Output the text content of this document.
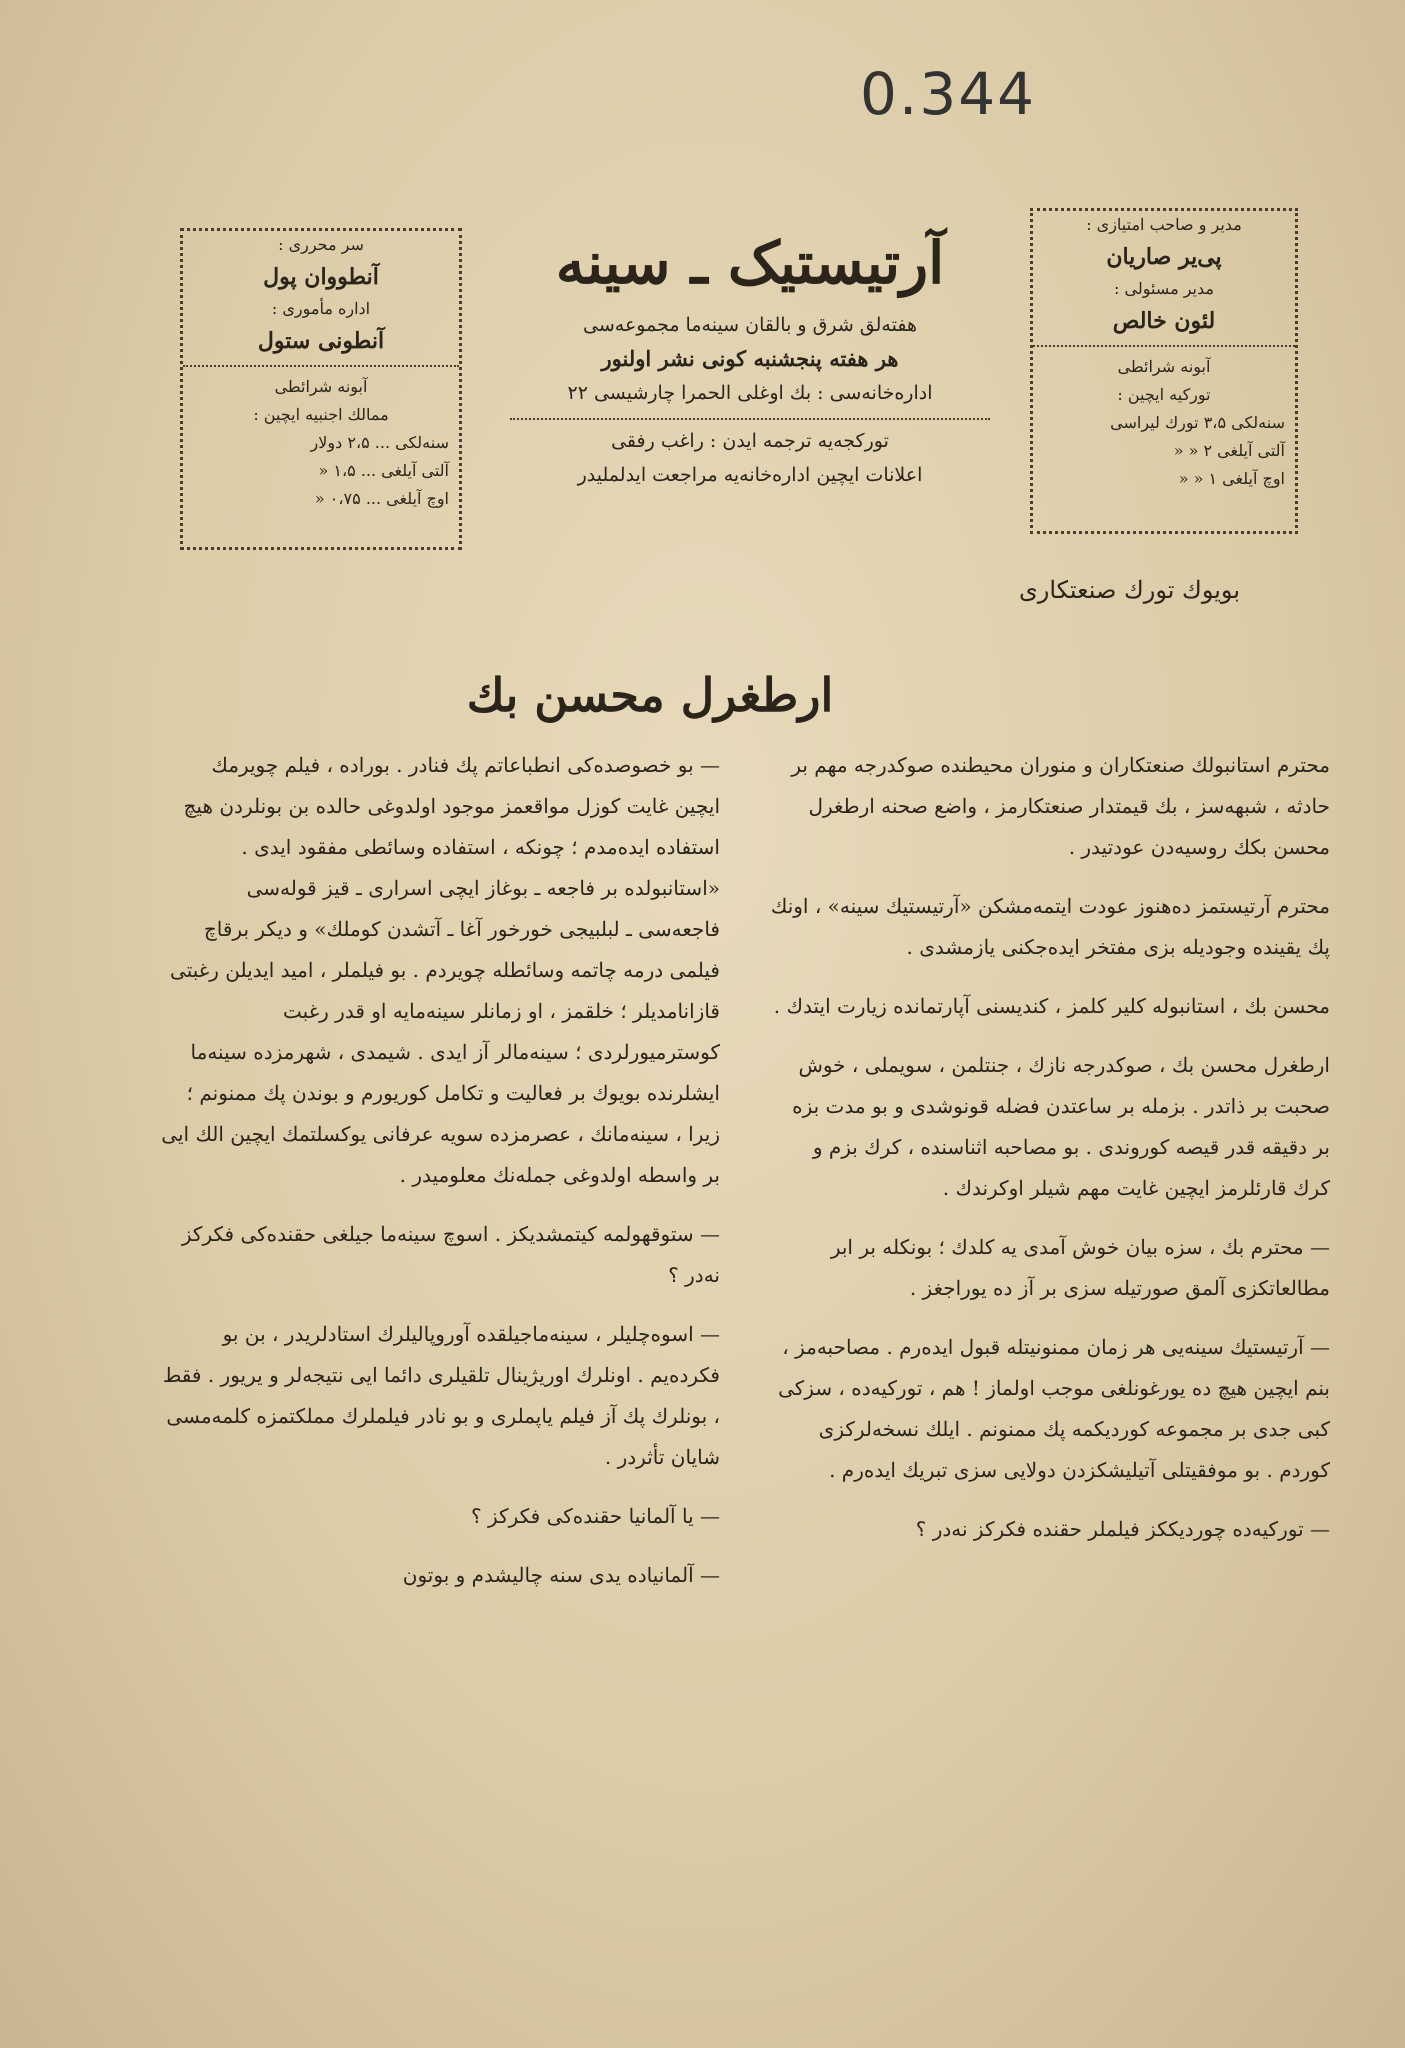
0.344
سر محرری :
آنطووان پول
اداره مأموری :
آنطونی ستول
آبونه شرائطی
ممالك اجنبیه ایچین :
سنه‌لکی ... ۲،۵ دولار
آلتی آیلغی ... ۱،۵ «
اوچ آیلغی ... ۰،۷۵ «
آرتیستیک ـ سینه
هفته‌لق شرق و بالقان سینه‌ما مجموعه‌سی
هر هفته پنجشنبه کونی نشر اولنور
اداره‌خانه‌سی : بك اوغلی الحمرا چارشیسی ۲۲
تورکجه‌یه ترجمه ایدن : راغب رفقی
اعلانات ایچین اداره‌خانه‌یه مراجعت ایدلملیدر
مدیر و صاحب امتیازی :
پی‌یر صاریان
مدیر مسئولی :
لئون خالص
آبونه شرائطی
تورکیه ایچین :
سنه‌لکی ۳،۵ تورك لیراسی
آلتی آیلغی ۲ « «
اوچ آیلغی ۱ « «
بویوك تورك صنعتكاری
ارطغرل محسن بك

محترم استانبولك صنعتكاران و منوران محیطنده صوكدرجه مهم بر حادثه ، شبهه‌سز ، بك قیمتدار صنعتكارمز ، واضع صحنه ارطغرل محسن بكك روسیه‌دن عودتیدر .

محترم آرتیستمز ده‌هنوز عودت ایتمه‌مشكن «آرتیستیك سینه» ، اونك پك یقینده وجودیله بزی مفتخر ایده‌جكنی یازمشدی .

محسن بك ، استانبوله كلیر كلمز ، كندیسنی آپارتمانده زیارت ایتدك .

ارطغرل محسن بك ، صوكدرجه نازك ، جنتلمن ، سویملی ، خوش صحبت بر ذاتدر . بزمله بر ساعتدن فضله قونوشدی و بو مدت بزه بر دقیقه قدر قیصه كوروندی . بو مصاحبه اثناسنده ، كرك بزم و كرك قارئلرمز ایچین غایت مهم شیلر اوكرندك .

— محترم بك ، سزه بیان خوش آمدی یه كلدك ؛ بونكله بر ابر مطالعاتكزی آلمق صورتیله سزی بر آز ده یوراجغز .

— آرتیستیك سینه‌یی هر زمان ممنونیتله قبول ایده‌رم . مصاحبه‌مز ، بنم ایچین هیچ ده یورغونلغی موجب اولماز ! هم ، توركیه‌ده ، سزكی كبی جدی بر مجموعه كوردیكمه پك ممنونم . ایلك نسخه‌لركزی كوردم . بو موفقیتلی آتیلیشكزدن دولایی سزی تبریك ایده‌رم .

— توركیه‌ده چوردیككز فیلملر حقنده فكركز نه‌در ؟

— بو خصوصده‌كی انطباعاتم پك فنادر . بوراده ، فیلم چویرمك ایچین غایت كوزل مواقعمز موجود اولدوغی حالده بن بونلردن هیچ استفاده ایده‌مدم ؛ چونكه ، استفاده وسائطی مفقود ایدی . «استانبولده بر فاجعه ـ بوغاز ایچی اسراری ـ قیز قوله‌سی فاجعه‌سی ـ لبلبیجی خورخور آغا ـ آتشدن كوملك» و دیكر برقاچ فیلمی درمه چاتمه وسائطله چویردم . بو فیلملر ، امید ایدیلن رغبتی قازانامدیلر ؛ خلقمز ، او زمانلر سینه‌مایه او قدر رغبت كوسترمیورلردی ؛ سینه‌مالر آز ایدی . شیمدی ، شهرمزده سینه‌ما ایشلرنده بویوك بر فعالیت و تكامل كوریورم و بوندن پك ممنونم ؛ زیرا ، سینه‌مانك ، عصرمزده سویه عرفانی یوكسلتمك ایچین الك ایی بر واسطه اولدوغی جمله‌نك معلومیدر .

— ستوقهولمه كیتمشدیكز . اسوچ سینه‌ما جیلغی حقنده‌كی فكركز نه‌در ؟

— اسوه‌چلیلر ، سینه‌ماجیلقده آوروپالیلرك استادلریدر ، بن بو فكرده‌یم . اونلرك اوریژینال تلقیلری دائما ایی نتیجه‌لر و یریور . فقط ، بونلرك پك آز فیلم یاپملری و بو نادر فیلملرك مملكتمزه كلمه‌مسی شایان تأثردر .

— یا آلمانیا حقنده‌كی فكركز ؟

— آلمانیاده یدی سنه چالیشدم و بوتون
